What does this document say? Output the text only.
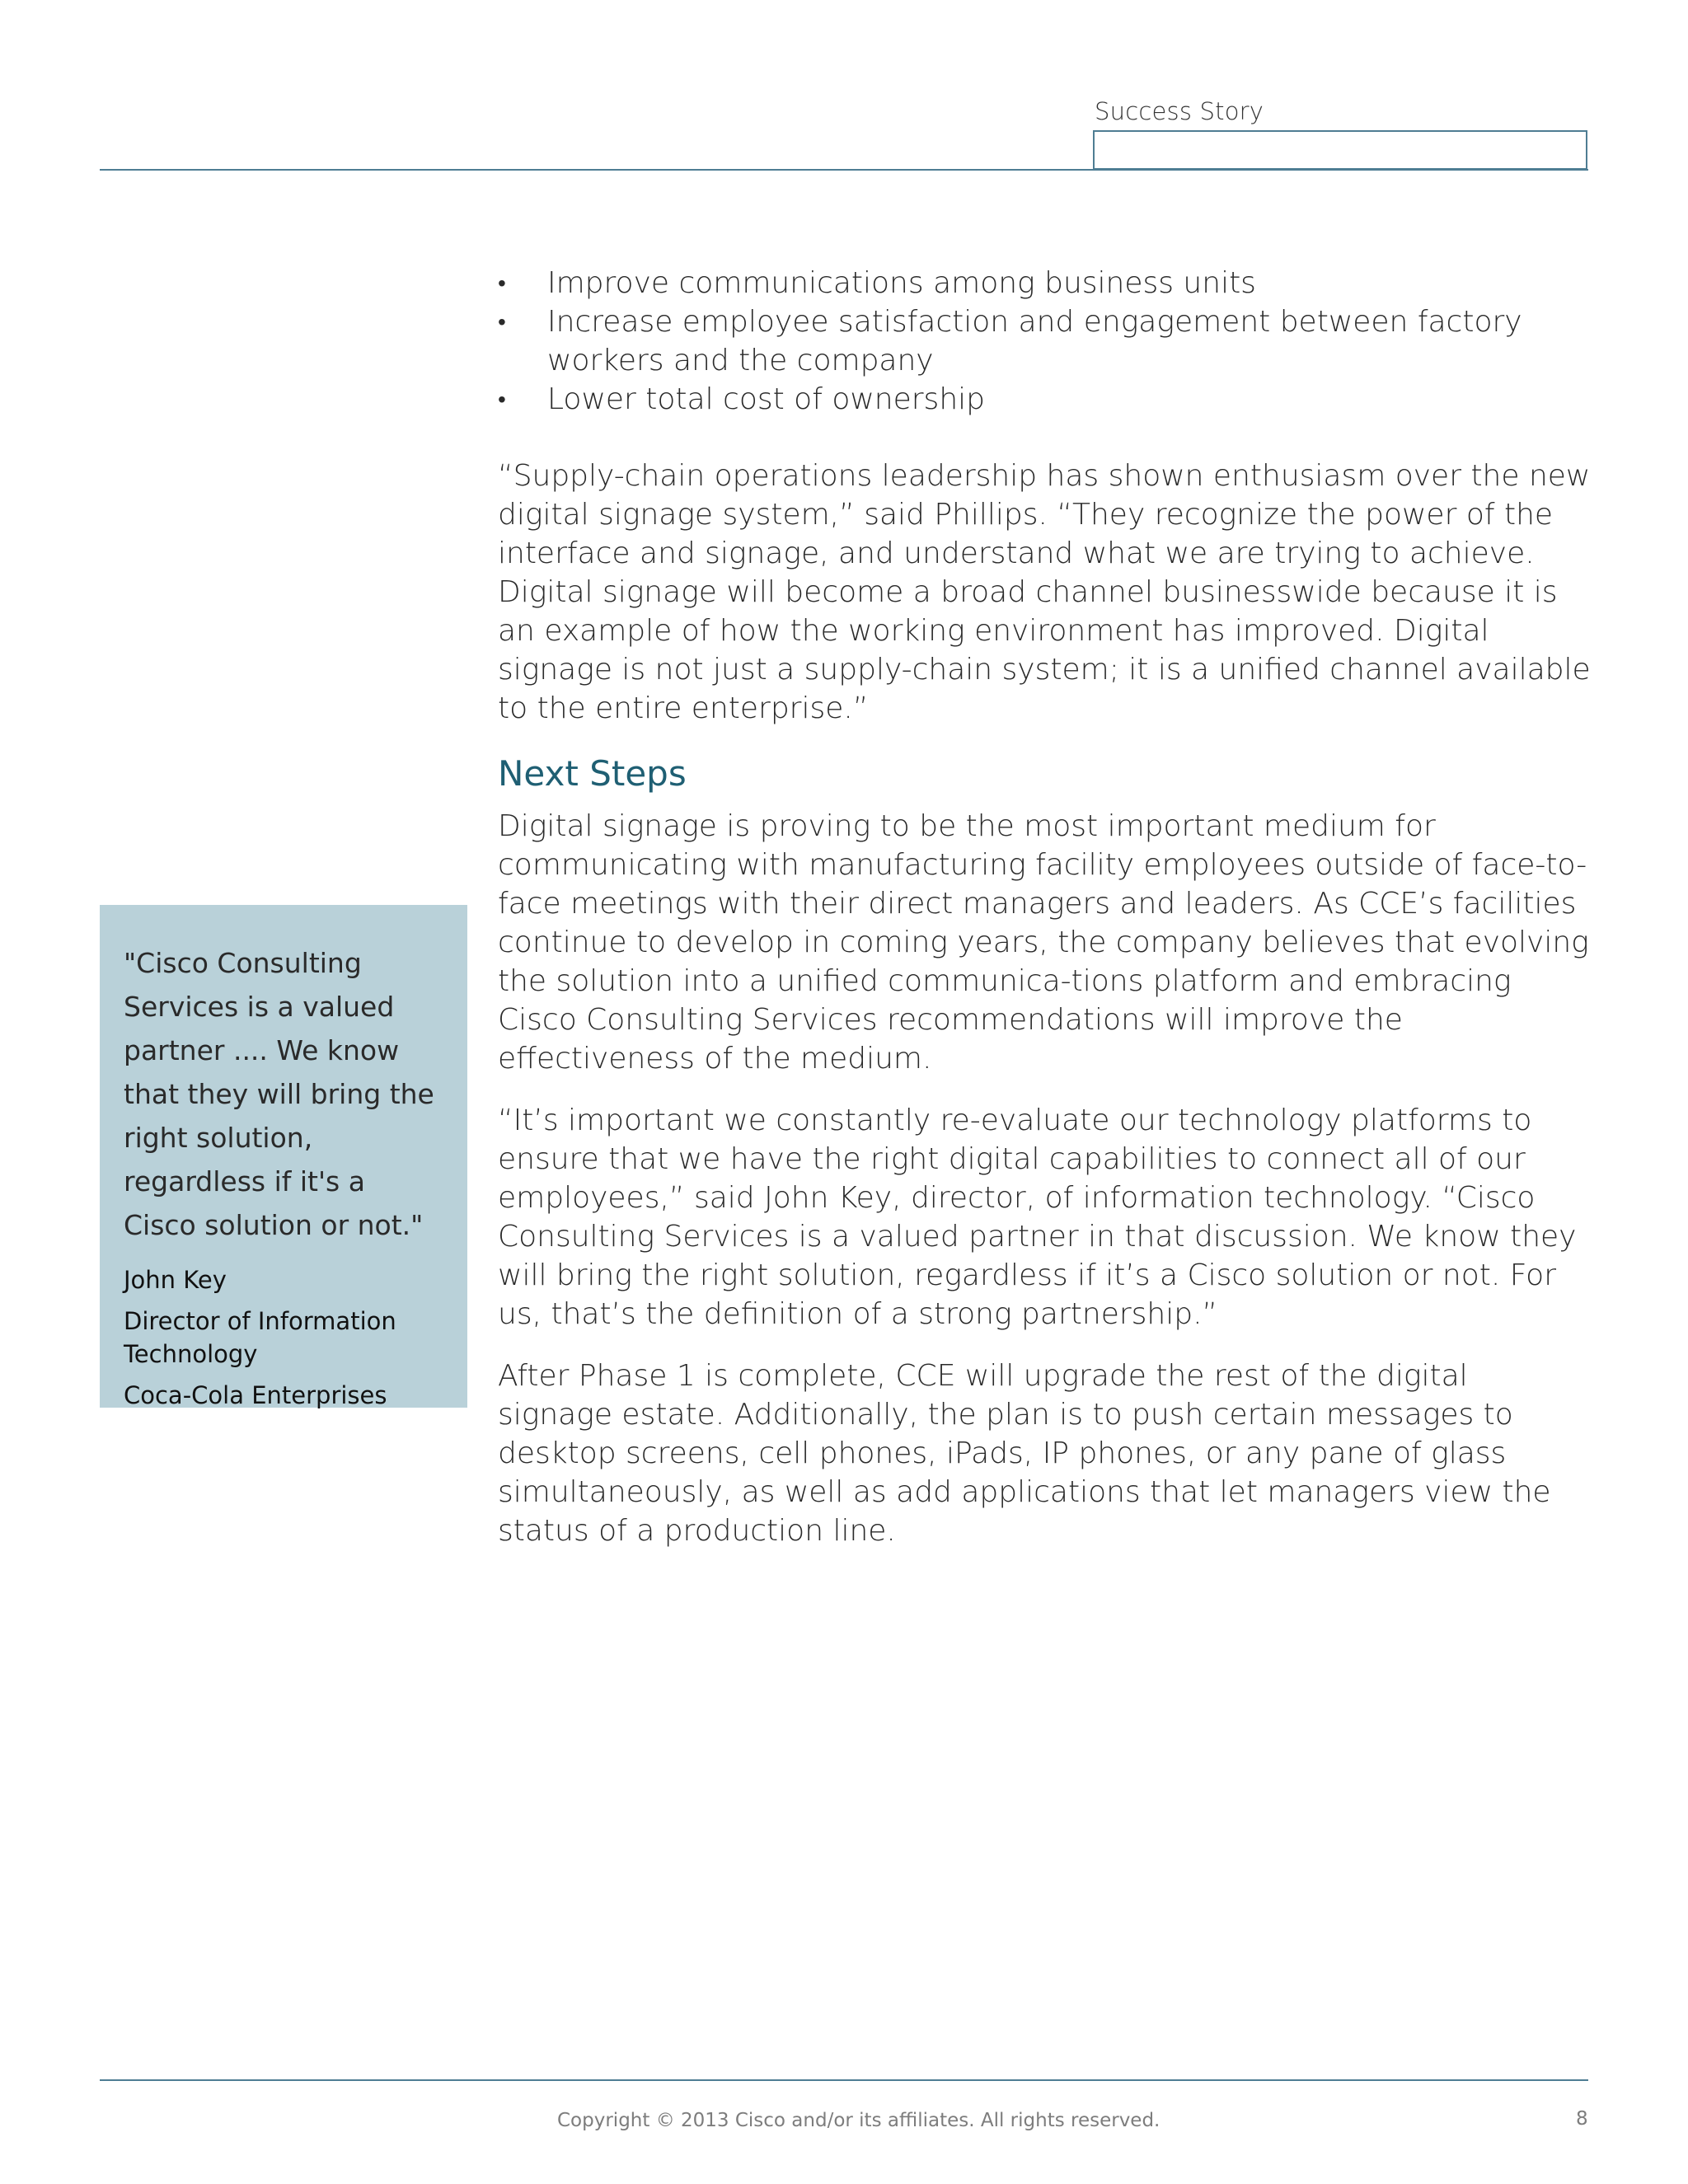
Success Story
• Improve communications among business units
• Increase employee satisfaction and engagement between factory workers and the company
• Lower total cost of ownership

“Supply-chain operations leadership has shown enthusiasm over the new digital signage system,” said Phillips. “They recognize the power of the interface and signage, and understand what we are trying to achieve. Digital signage will become a broad channel businesswide because it is an example of how the working environment has improved. Digital signage is not just a supply-chain system; it is a unified channel available to the entire enterprise.”

Next Steps

Digital signage is proving to be the most important medium for communicating with manufacturing facility employees outside of face-to-face meetings with their direct managers and leaders. As CCE’s facilities continue to develop in coming years, the company believes that evolving the solution into a unified communica-tions platform and embracing Cisco Consulting Services recommendations will improve the effectiveness of the medium.

“It’s important we constantly re-evaluate our technology platforms to ensure that we have the right digital capabilities to connect all of our employees,” said John Key, director, of information technology. “Cisco Consulting Services is a valued partner in that discussion. We know they will bring the right solution, regardless if it’s a Cisco solution or not. For us, that’s the definition of a strong partnership.”

After Phase 1 is complete, CCE will upgrade the rest of the digital signage estate. Additionally, the plan is to push certain messages to desktop screens, cell phones, iPads, IP phones, or any pane of glass simultaneously, as well as add applications that let managers view the status of a production line.

"Cisco Consulting Services is a valued partner .... We know that they will bring the right solution, regardless if it's a Cisco solution or not."

John Key

Director of Information Technology

Coca-Cola Enterprises

Copyright © 2013 Cisco and/or its affiliates. All rights reserved.	8
